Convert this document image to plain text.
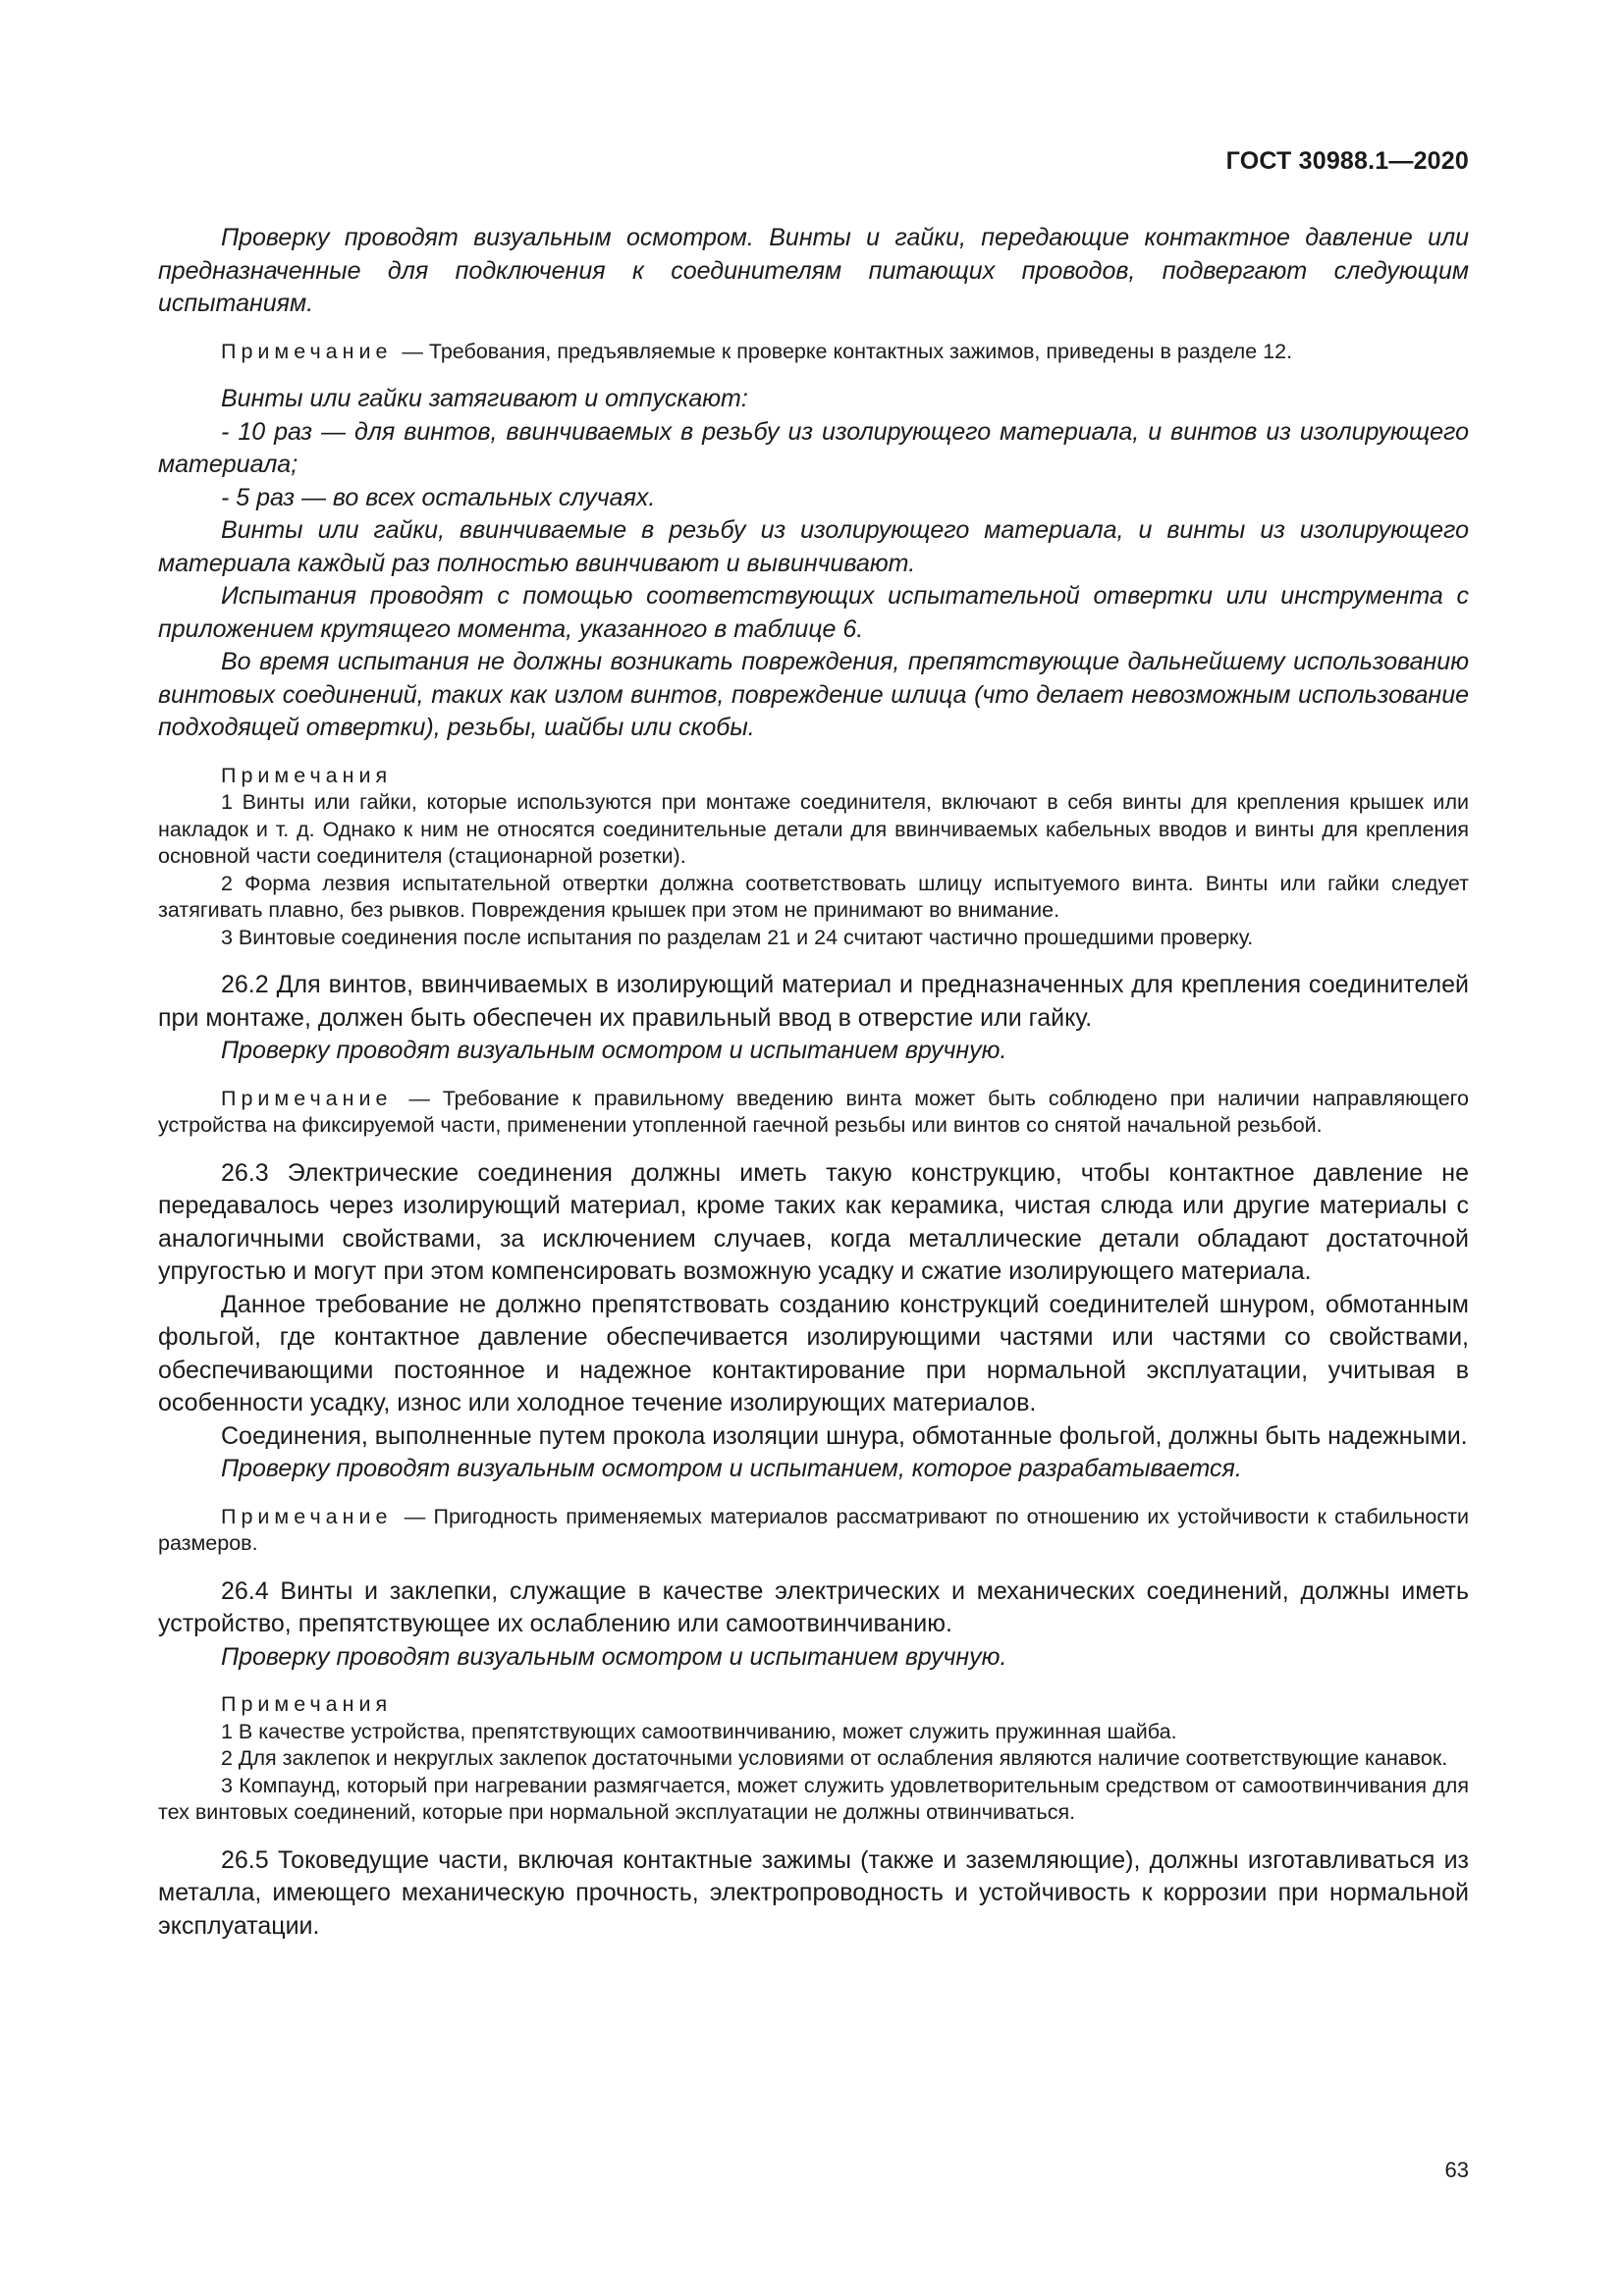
ГОСТ 30988.1—2020

Проверку проводят визуальным осмотром. Винты и гайки, передающие контактное давление или предназначенные для подключения к соединителям питающих проводов, подвергают следующим испытаниям.

Примечание — Требования, предъявляемые к проверке контактных зажимов, приведены в разделе 12.

Винты или гайки затягивают и отпускают:

- 10 раз — для винтов, ввинчиваемых в резьбу из изолирующего материала, и винтов из изолирующего материала;

- 5 раз — во всех остальных случаях.

Винты или гайки, ввинчиваемые в резьбу из изолирующего материала, и винты из изолирующего материала каждый раз полностью ввинчивают и вывинчивают.

Испытания проводят с помощью соответствующих испытательной отвертки или инструмента с приложением крутящего момента, указанного в таблице 6.

Во время испытания не должны возникать повреждения, препятствующие дальнейшему использованию винтовых соединений, таких как излом винтов, повреждение шлица (что делает невозможным использование подходящей отвертки), резьбы, шайбы или скобы.

Примечания

1 Винты или гайки, которые используются при монтаже соединителя, включают в себя винты для крепления крышек или накладок и т. д. Однако к ним не относятся соединительные детали для ввинчиваемых кабельных вводов и винты для крепления основной части соединителя (стационарной розетки).

2 Форма лезвия испытательной отвертки должна соответствовать шлицу испытуемого винта. Винты или гайки следует затягивать плавно, без рывков. Повреждения крышек при этом не принимают во внимание.

3 Винтовые соединения после испытания по разделам 21 и 24 считают частично прошедшими проверку.

26.2 Для винтов, ввинчиваемых в изолирующий материал и предназначенных для крепления соединителей при монтаже, должен быть обеспечен их правильный ввод в отверстие или гайку.

Проверку проводят визуальным осмотром и испытанием вручную.

Примечание — Требование к правильному введению винта может быть соблюдено при наличии направляющего устройства на фиксируемой части, применении утопленной гаечной резьбы или винтов со снятой начальной резьбой.

26.3 Электрические соединения должны иметь такую конструкцию, чтобы контактное давление не передавалось через изолирующий материал, кроме таких как керамика, чистая слюда или другие материалы с аналогичными свойствами, за исключением случаев, когда металлические детали обладают достаточной упругостью и могут при этом компенсировать возможную усадку и сжатие изолирующего материала.

Данное требование не должно препятствовать созданию конструкций соединителей шнуром, обмотанным фольгой, где контактное давление обеспечивается изолирующими частями или частями со свойствами, обеспечивающими постоянное и надежное контактирование при нормальной эксплуатации, учитывая в особенности усадку, износ или холодное течение изолирующих материалов.

Соединения, выполненные путем прокола изоляции шнура, обмотанные фольгой, должны быть надежными.

Проверку проводят визуальным осмотром и испытанием, которое разрабатывается.

Примечание — Пригодность применяемых материалов рассматривают по отношению их устойчивости к стабильности размеров.

26.4 Винты и заклепки, служащие в качестве электрических и механических соединений, должны иметь устройство, препятствующее их ослаблению или самоотвинчиванию.

Проверку проводят визуальным осмотром и испытанием вручную.

Примечания

1 В качестве устройства, препятствующих самоотвинчиванию, может служить пружинная шайба.

2 Для заклепок и некруглых заклепок достаточными условиями от ослабления являются наличие соответствующие канавок.

3 Компаунд, который при нагревании размягчается, может служить удовлетворительным средством от самоотвинчивания для тех винтовых соединений, которые при нормальной эксплуатации не должны отвинчиваться.

26.5 Токоведущие части, включая контактные зажимы (также и заземляющие), должны изготавливаться из металла, имеющего механическую прочность, электропроводность и устойчивость к коррозии при нормальной эксплуатации.

63
